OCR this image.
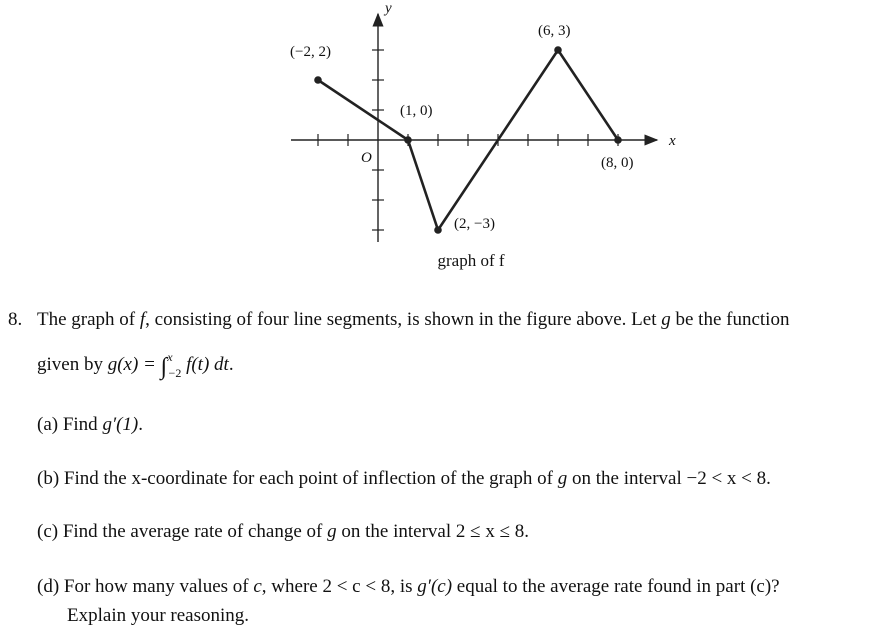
x
y
O
(−2, 2)
(1, 0)
(2, −3)
(6, 3)
(8, 0)
graph of f
8. The graph of f, consisting of four line segments, is shown in the figure above. Let g be the function
given by g(x) = ∫$^x_{-2}$ f(t) dt.
(a) Find g′(1).
(b) Find the x-coordinate for each point of inflection of the graph of g on the interval −2 < x < 8.
(c) Find the average rate of change of g on the interval 2 ≤ x ≤ 8.
(d) For how many values of c, where 2 < c < 8, is g′(c) equal to the average rate found in part (c)?
Explain your reasoning.
